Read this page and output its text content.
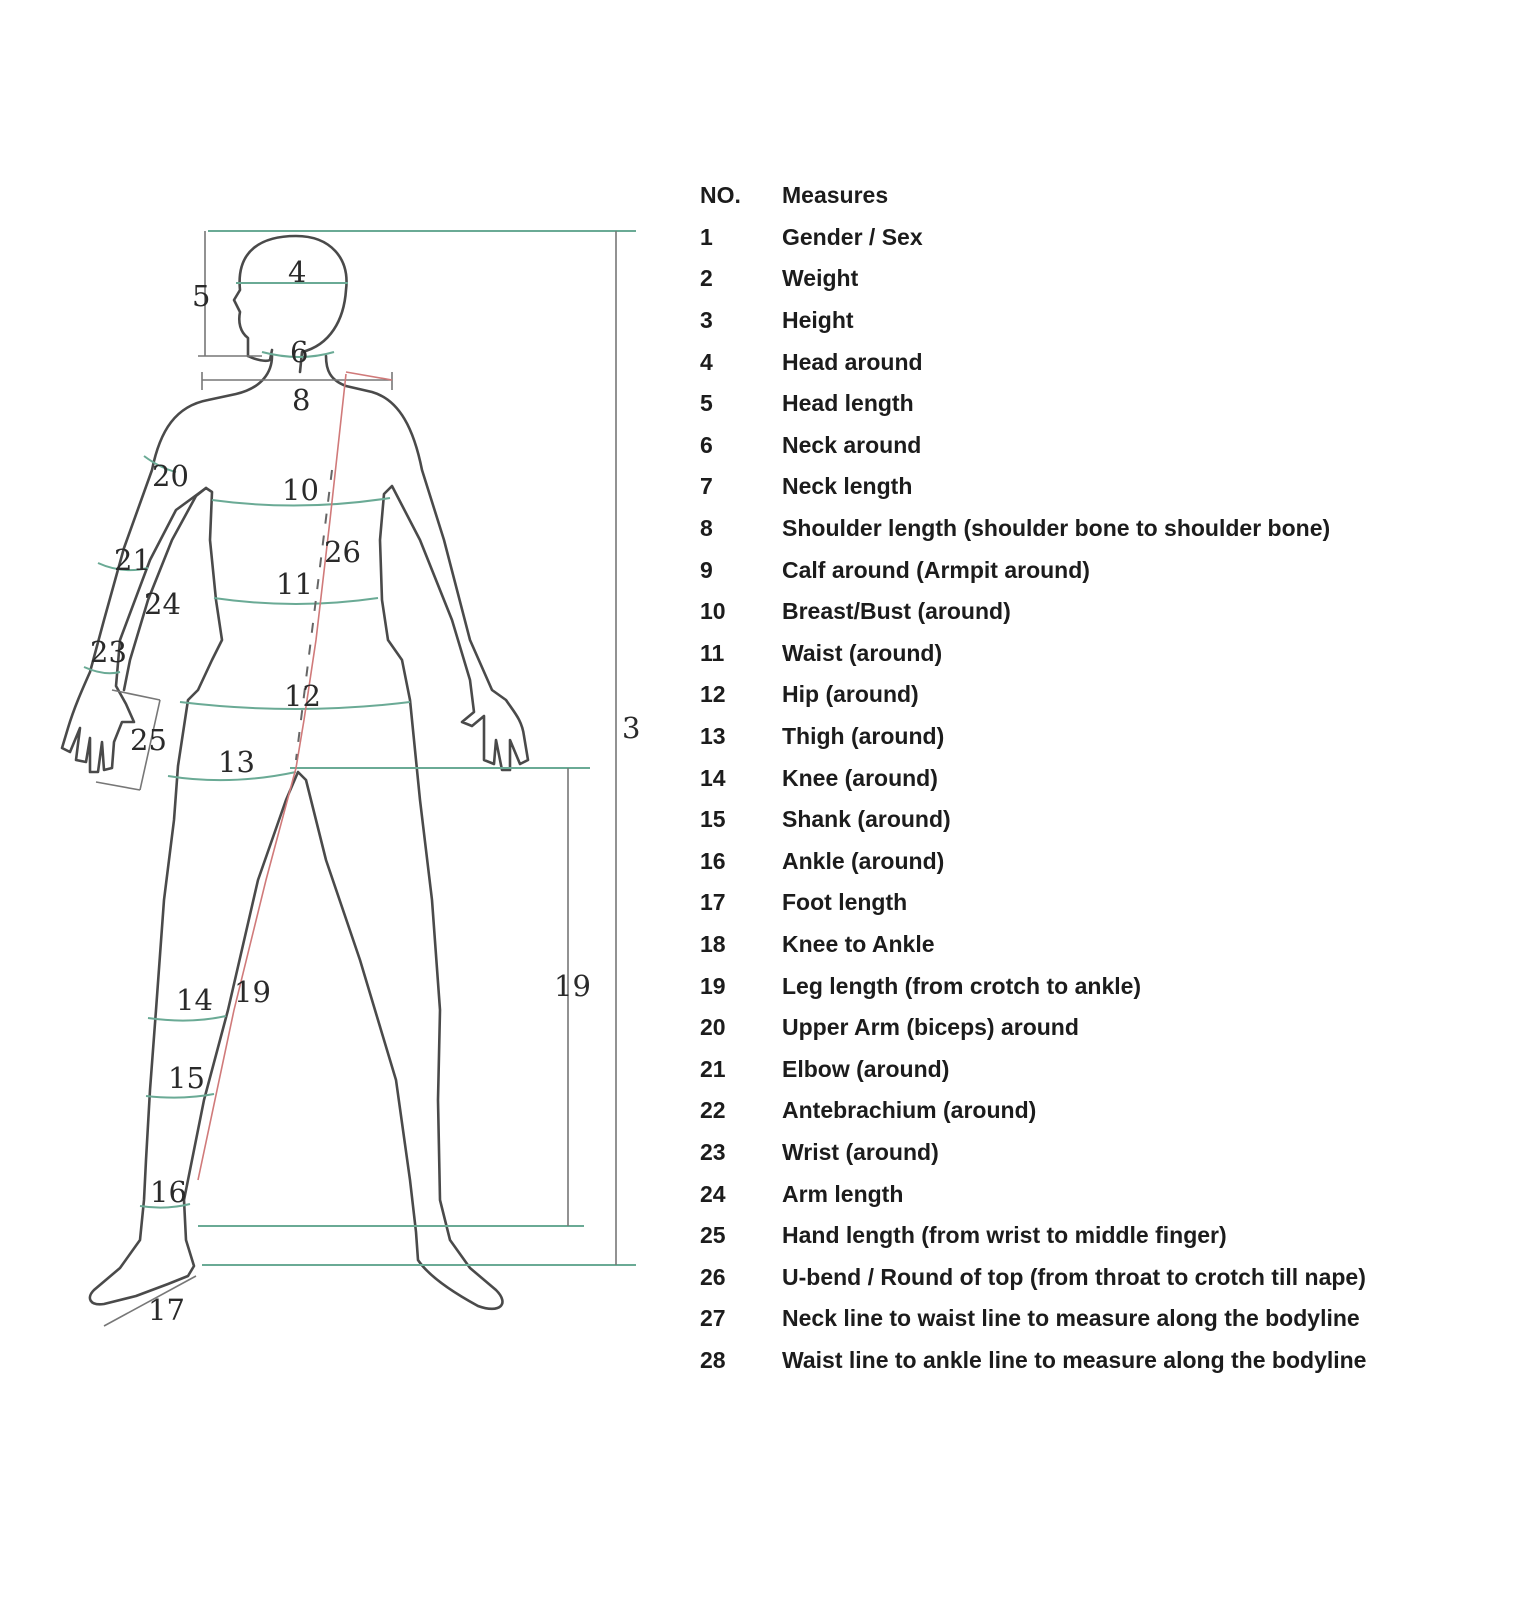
4
5
6
8
20	10
26
21
11
24
23
12
3
25
13
19
14 19
15
16
17
NO.	Measures
1	Gender / Sex
2	Weight
3	Height
4	Head around
5	Head length
6	Neck around
7	Neck length
8	Shoulder length (shoulder bone to shoulder bone)
9	Calf around (Armpit around)
10	Breast/Bust (around)
11	Waist (around)
12	Hip (around)
13	Thigh (around)
14	Knee (around)
15	Shank (around)
16	Ankle (around)
17	Foot length
18	Knee to Ankle
19	Leg length (from crotch to ankle)
20	Upper Arm (biceps) around
21	Elbow (around)
22	Antebrachium (around)
23	Wrist (around)
24	Arm length
25	Hand length (from wrist to middle finger)
26	U-bend / Round of top (from throat to crotch till nape)
27	Neck line to waist line to measure along the bodyline
28	Waist line to ankle line to measure along the bodyline
